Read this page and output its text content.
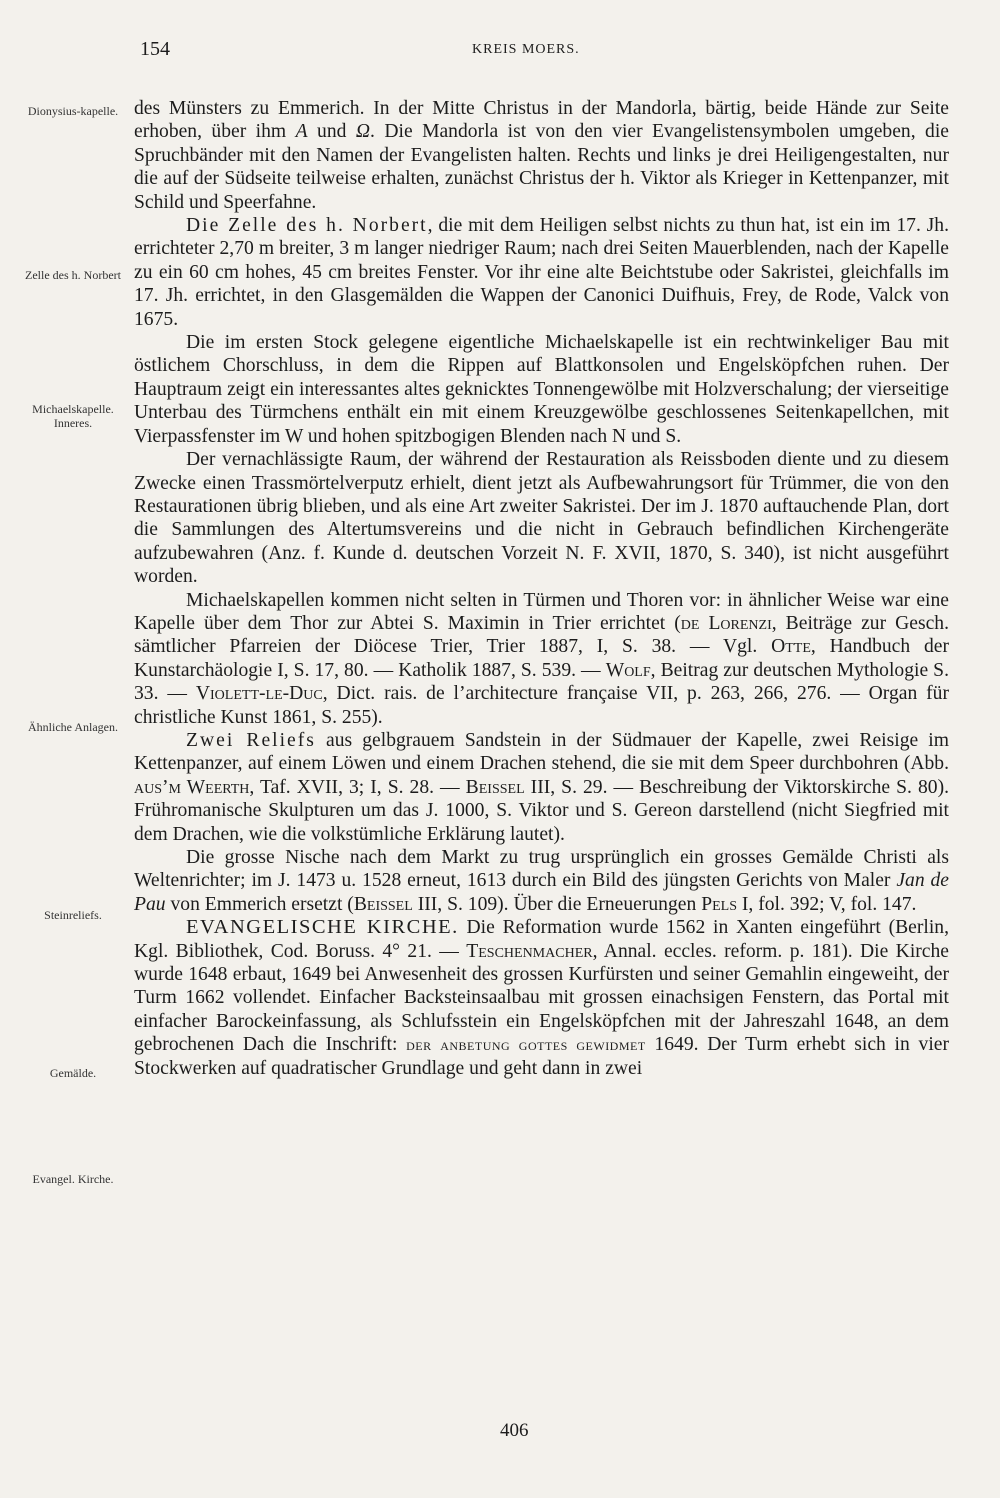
154	KREIS MOERS.
Dionysius-kapelle.
Zelle des h. Norbert
Michaelskapelle. Inneres.
Ähnliche Anlagen.
Steinreliefs.
Gemälde.
Evangel. Kirche.

des Münsters zu Emmerich. In der Mitte Christus in der Mandorla, bärtig, beide Hände zur Seite erhoben, über ihm A und Ω. Die Mandorla ist von den vier Evangelistensymbolen umgeben, die Spruchbänder mit den Namen der Evangelisten halten. Rechts und links je drei Heiligengestalten, nur die auf der Südseite teilweise erhalten, zunächst Christus der h. Viktor als Krieger in Kettenpanzer, mit Schild und Speerfahne.

Die Zelle des h. Norbert, die mit dem Heiligen selbst nichts zu thun hat, ist ein im 17. Jh. errichteter 2,70 m breiter, 3 m langer niedriger Raum; nach drei Seiten Mauerblenden, nach der Kapelle zu ein 60 cm hohes, 45 cm breites Fenster. Vor ihr eine alte Beichtstube oder Sakristei, gleichfalls im 17. Jh. errichtet, in den Glasgemälden die Wappen der Canonici Duifhuis, Frey, de Rode, Valck von 1675.

Die im ersten Stock gelegene eigentliche Michaelskapelle ist ein rechtwinkeliger Bau mit östlichem Chorschluss, in dem die Rippen auf Blattkonsolen und Engelsköpfchen ruhen. Der Hauptraum zeigt ein interessantes altes geknicktes Tonnengewölbe mit Holzverschalung; der vierseitige Unterbau des Türmchens enthält ein mit einem Kreuzgewölbe geschlossenes Seitenkapellchen, mit Vierpassfenster im W und hohen spitzbogigen Blenden nach N und S.

Der vernachlässigte Raum, der während der Restauration als Reissboden diente und zu diesem Zwecke einen Trassmörtelverputz erhielt, dient jetzt als Aufbewahrungsort für Trümmer, die von den Restaurationen übrig blieben, und als eine Art zweiter Sakristei. Der im J. 1870 auftauchende Plan, dort die Sammlungen des Altertumsvereins und die nicht in Gebrauch befindlichen Kirchengeräte aufzubewahren (Anz. f. Kunde d. deutschen Vorzeit N. F. XVII, 1870, S. 340), ist nicht ausgeführt worden.

Michaelskapellen kommen nicht selten in Türmen und Thoren vor: in ähnlicher Weise war eine Kapelle über dem Thor zur Abtei S. Maximin in Trier errichtet (de Lorenzi, Beiträge zur Gesch. sämtlicher Pfarreien der Diöcese Trier, Trier 1887, I, S. 38. — Vgl. Otte, Handbuch der Kunstarchäologie I, S. 17, 80. — Katholik 1887, S. 539. — Wolf, Beitrag zur deutschen Mythologie S. 33. — Violett-le-Duc, Dict. rais. de l’architecture française VII, p. 263, 266, 276. — Organ für christliche Kunst 1861, S. 255).

Zwei Reliefs aus gelbgrauem Sandstein in der Südmauer der Kapelle, zwei Reisige im Kettenpanzer, auf einem Löwen und einem Drachen stehend, die sie mit dem Speer durchbohren (Abb. aus’m Weerth, Taf. XVII, 3; I, S. 28. — Beissel III, S. 29. — Beschreibung der Viktorskirche S. 80). Frühromanische Skulpturen um das J. 1000, S. Viktor und S. Gereon darstellend (nicht Siegfried mit dem Drachen, wie die volkstümliche Erklärung lautet).

Die grosse Nische nach dem Markt zu trug ursprünglich ein grosses Gemälde Christi als Weltenrichter; im J. 1473 u. 1528 erneut, 1613 durch ein Bild des jüngsten Gerichts von Maler Jan de Pau von Emmerich ersetzt (Beissel III, S. 109). Über die Erneuerungen Pels I, fol. 392; V, fol. 147.

EVANGELISCHE KIRCHE. Die Reformation wurde 1562 in Xanten eingeführt (Berlin, Kgl. Bibliothek, Cod. Boruss. 4° 21. — Teschenmacher, Annal. eccles. reform. p. 181). Die Kirche wurde 1648 erbaut, 1649 bei Anwesenheit des grossen Kurfürsten und seiner Gemahlin eingeweiht, der Turm 1662 vollendet. Einfacher Backsteinsaalbau mit grossen einachsigen Fenstern, das Portal mit einfacher Barockeinfassung, als Schlufsstein ein Engelsköpfchen mit der Jahreszahl 1648, an dem gebrochenen Dach die Inschrift: der anbetung gottes gewidmet 1649. Der Turm erhebt sich in vier Stockwerken auf quadratischer Grundlage und geht dann in zwei

406
